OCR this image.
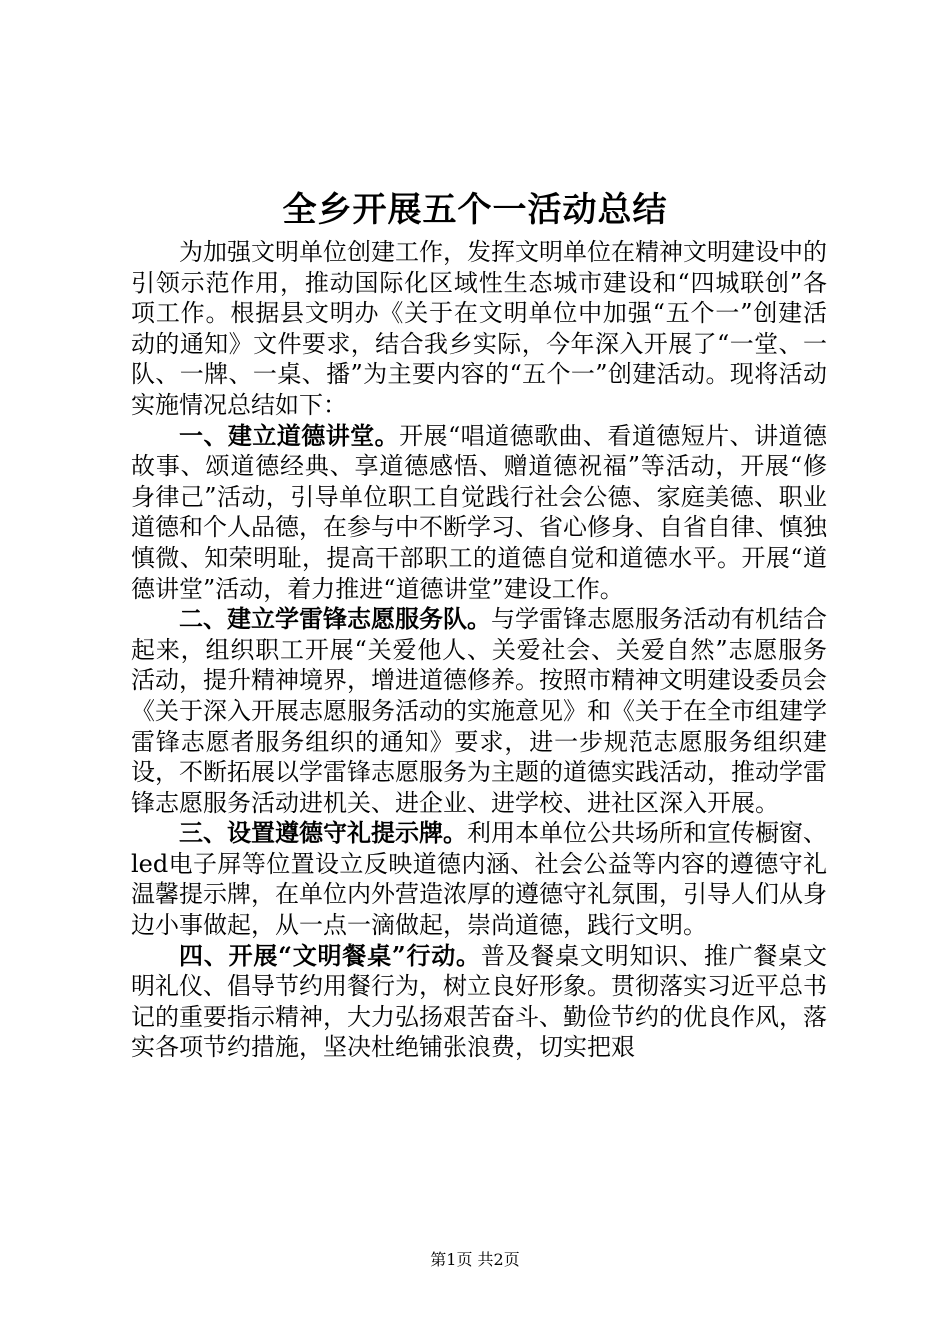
全乡开展五个一活动总结

为加强文明单位创建工作，发挥文明单位在精神文明建设中的引领示范作用，推动国际化区域性生态城市建设和“四城联创”各项工作。根据县文明办《关于在文明单位中加强“五个一”创建活动的通知》文件要求，结合我乡实际，今年深入开展了“一堂、一队、一牌、一桌、播”为主要内容的“五个一”创建活动。现将活动实施情况总结如下：

一、建立道德讲堂。开展“唱道德歌曲、看道德短片、讲道德故事、颂道德经典、享道德感悟、赠道德祝福”等活动，开展“修身律己”活动，引导单位职工自觉践行社会公德、家庭美德、职业道德和个人品德，在参与中不断学习、省心修身、自省自律、慎独慎微、知荣明耻，提高干部职工的道德自觉和道德水平。开展“道德讲堂”活动，着力推进“道德讲堂”建设工作。

二、建立学雷锋志愿服务队。与学雷锋志愿服务活动有机结合起来，组织职工开展“关爱他人、关爱社会、关爱自然”志愿服务活动，提升精神境界，增进道德修养。按照市精神文明建设委员会《关于深入开展志愿服务活动的实施意见》和《关于在全市组建学雷锋志愿者服务组织的通知》要求，进一步规范志愿服务组织建设，不断拓展以学雷锋志愿服务为主题的道德实践活动，推动学雷锋志愿服务活动进机关、进企业、进学校、进社区深入开展。

三、设置遵德守礼提示牌。利用本单位公共场所和宣传橱窗、led电子屏等位置设立反映道德内涵、社会公益等内容的遵德守礼温馨提示牌，在单位内外营造浓厚的遵德守礼氛围，引导人们从身边小事做起，从一点一滴做起，崇尚道德，践行文明。

四、开展“文明餐桌”行动。普及餐桌文明知识、推广餐桌文明礼仪、倡导节约用餐行为，树立良好形象。贯彻落实习近平总书记的重要指示精神，大力弘扬艰苦奋斗、勤俭节约的优良作风，落实各项节约措施，坚决杜绝铺张浪费，切实把艰

第1页 共2页
